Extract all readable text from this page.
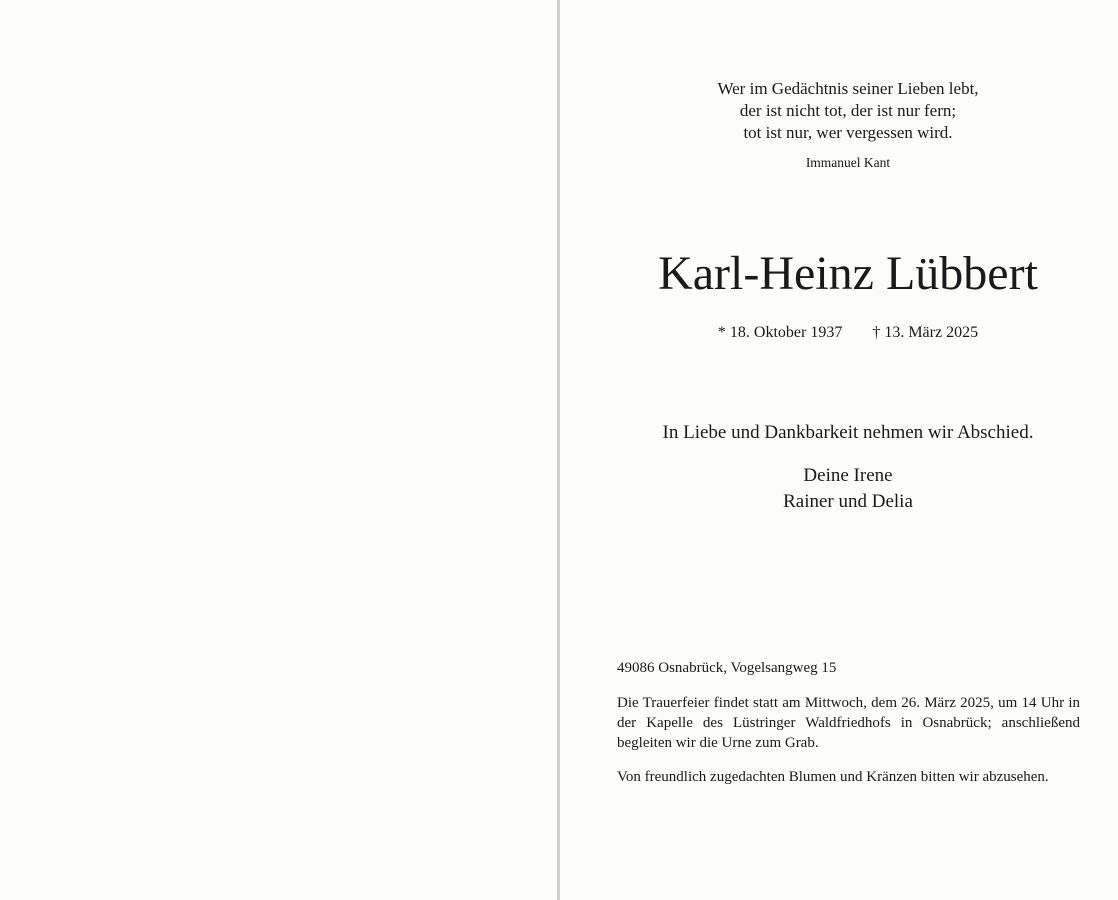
Wer im Gedächtnis seiner Lieben lebt,
der ist nicht tot, der ist nur fern;
tot ist nur, wer vergessen wird.
Immanuel Kant
Karl-Heinz Lübbert
* 18. Oktober 1937 † 13. März 2025
In Liebe und Dankbarkeit nehmen wir Abschied.
Deine Irene
Rainer und Delia

49086 Osnabrück, Vogelsangweg 15

Die Trauerfeier findet statt am Mittwoch, dem 26. März 2025, um 14 Uhr in der Kapelle des Lüstringer Waldfriedhofs in Osnabrück; anschließend begleiten wir die Urne zum Grab.

Von freundlich zugedachten Blumen und Kränzen bitten wir abzusehen.
